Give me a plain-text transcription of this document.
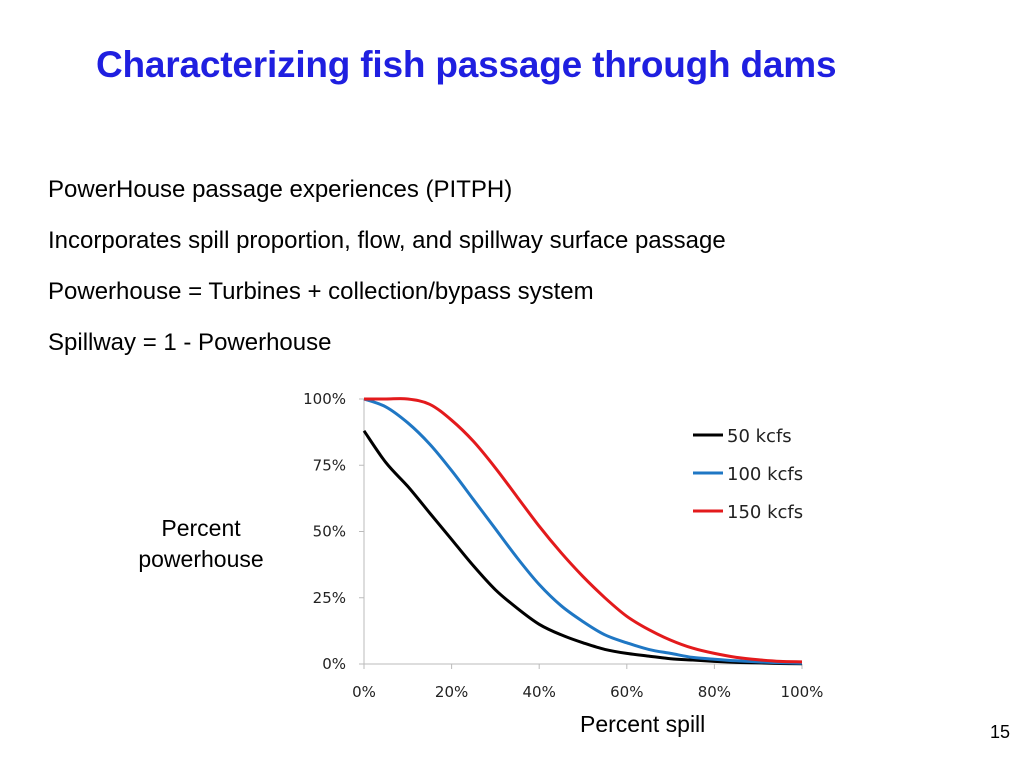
Characterizing fish passage through dams
PowerHouse passage experiences (PITPH)
Incorporates spill proportion, flow, and spillway surface passage
Powerhouse = Turbines + collection/bypass system
Spillway = 1 - Powerhouse
Percent powerhouse
Percent spill	15
0%
25%
50%
75%
100%
0%	20%	40%	60%	80%	100%
50 kcfs
100 kcfs
150 kcfs
